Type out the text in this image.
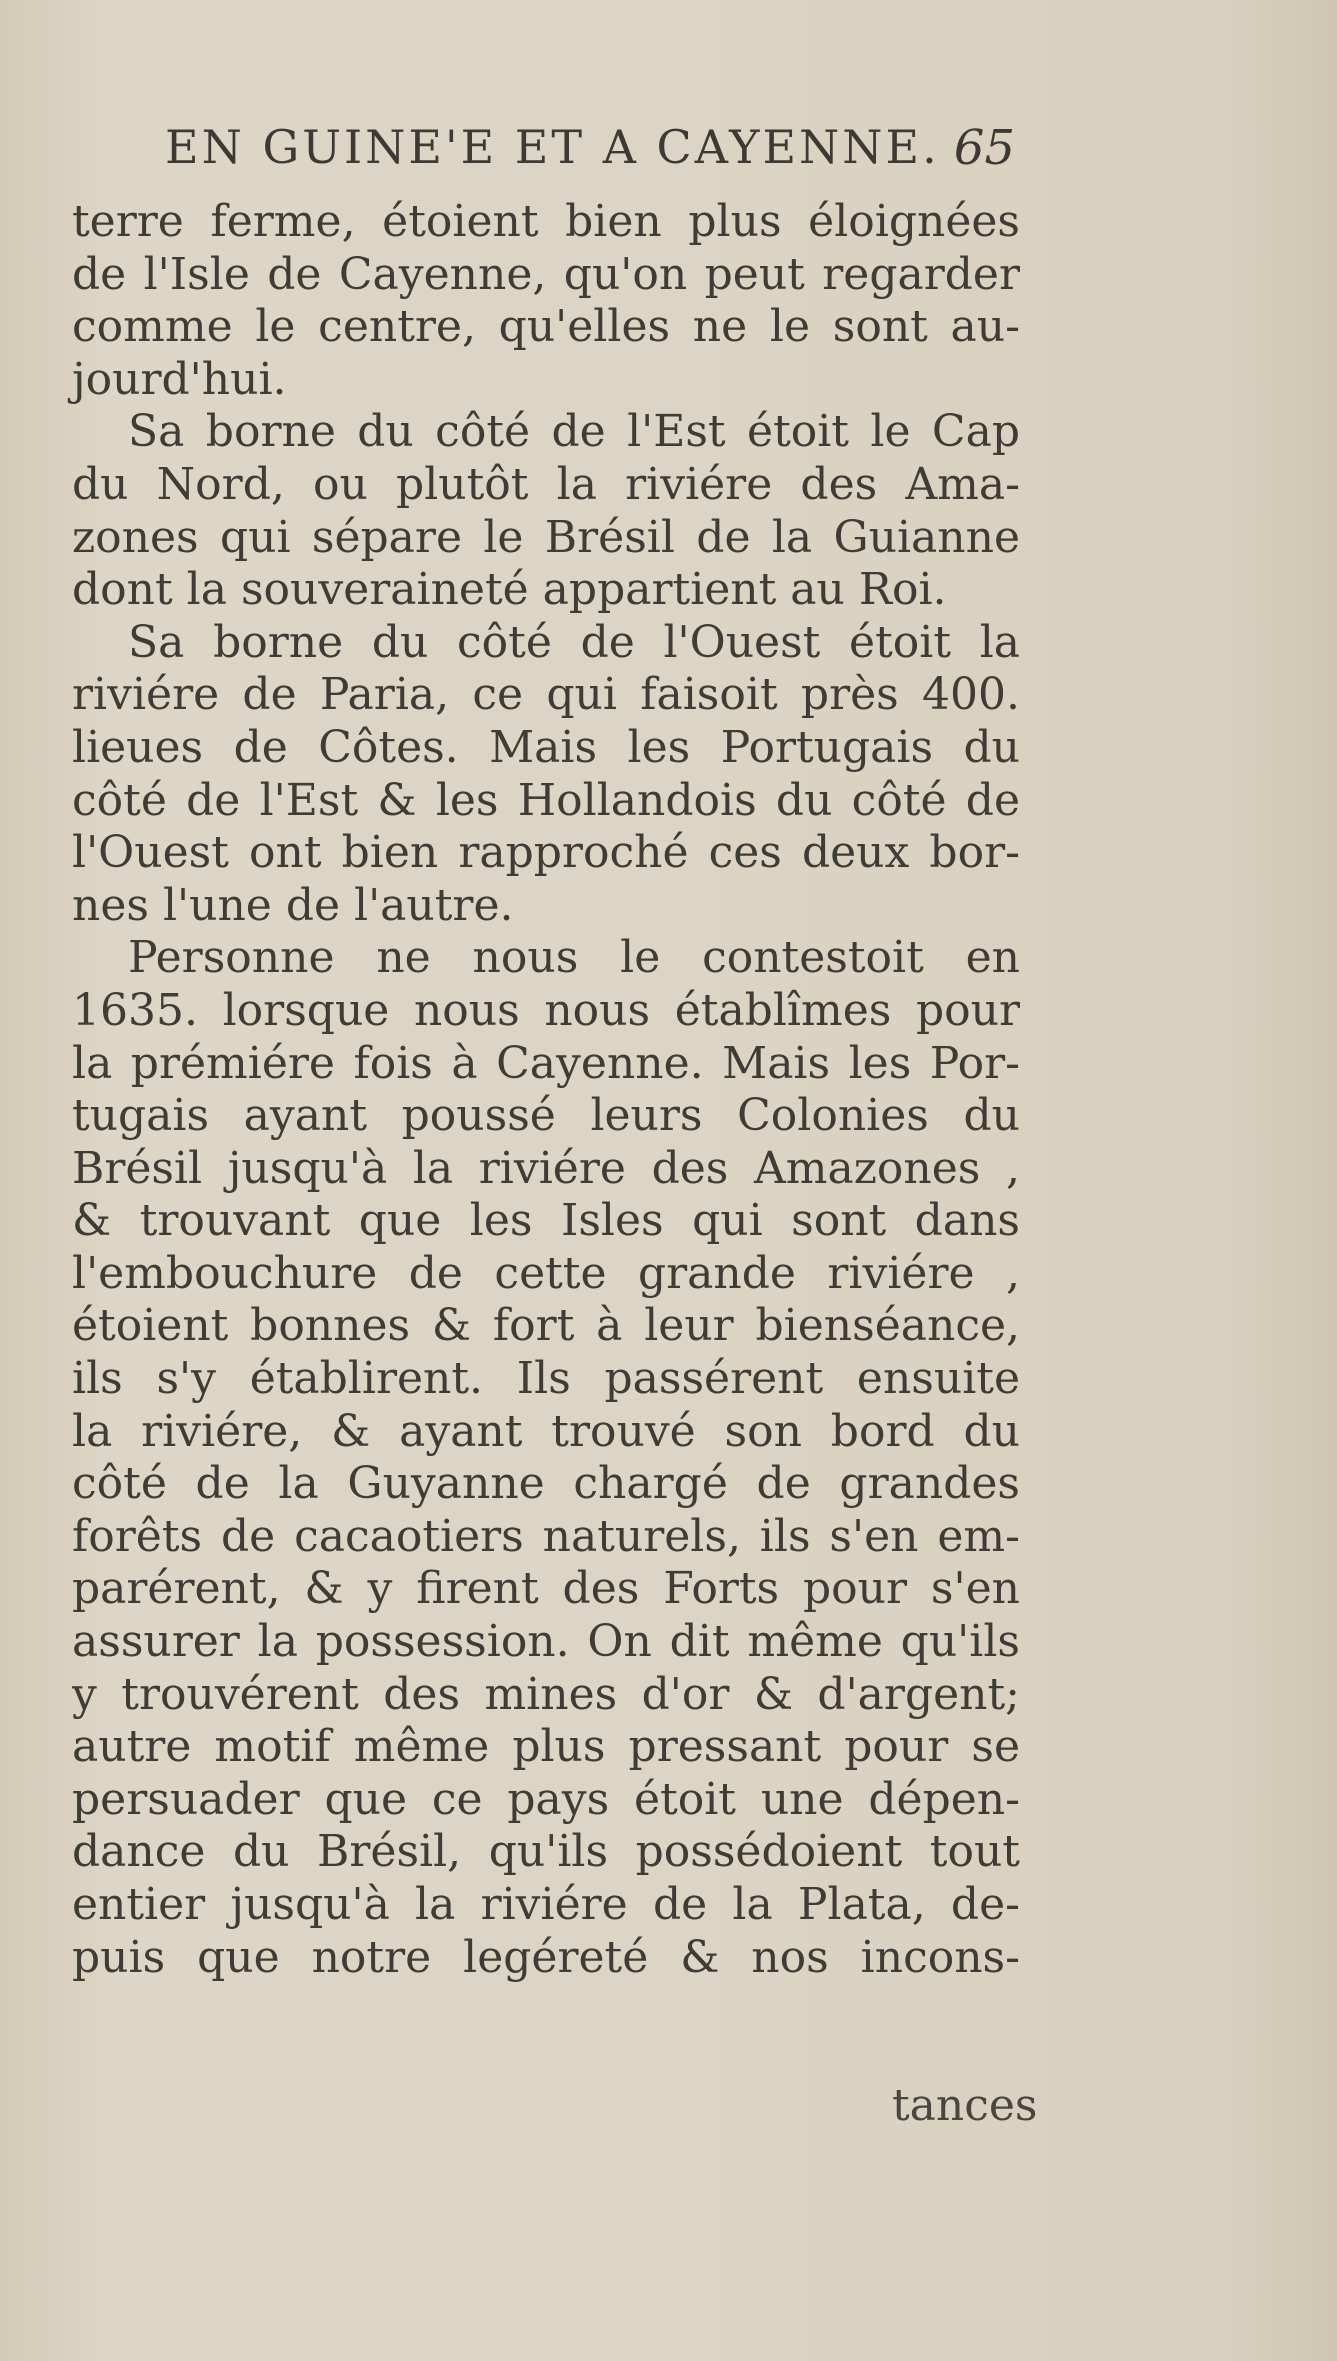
EN GUINE'E ET A CAYENNE. 65
terre ferme, étoient bien plus éloignées
de l'Isle de Cayenne, qu'on peut regarder
comme le centre, qu'elles ne le sont au-
jourd'hui.
Sa borne du côté de l'Est étoit le Cap
du Nord, ou plutôt la riviére des Ama-
zones qui sépare le Brésil de la Guianne
dont la souveraineté appartient au Roi.
Sa borne du côté de l'Ouest étoit la
riviére de Paria, ce qui faisoit près 400.
lieues de Côtes. Mais les Portugais du
côté de l'Est & les Hollandois du côté de
l'Ouest ont bien rapproché ces deux bor-
nes l'une de l'autre.
Personne ne nous le contestoit en
1635. lorsque nous nous établîmes pour
la prémiére fois à Cayenne. Mais les Por-
tugais ayant poussé leurs Colonies du
Brésil jusqu'à la riviére des Amazones ,
& trouvant que les Isles qui sont dans
l'embouchure de cette grande riviére ,
étoient bonnes & fort à leur bienséance,
ils s'y établirent. Ils passérent ensuite
la riviére, & ayant trouvé son bord du
côté de la Guyanne chargé de grandes
forêts de cacaotiers naturels, ils s'en em-
parérent, & y firent des Forts pour s'en
assurer la possession. On dit même qu'ils
y trouvérent des mines d'or & d'argent;
autre motif même plus pressant pour se
persuader que ce pays étoit une dépen-
dance du Brésil, qu'ils possédoient tout
entier jusqu'à la riviére de la Plata, de-
puis que notre legéreté & nos incons-
tances
